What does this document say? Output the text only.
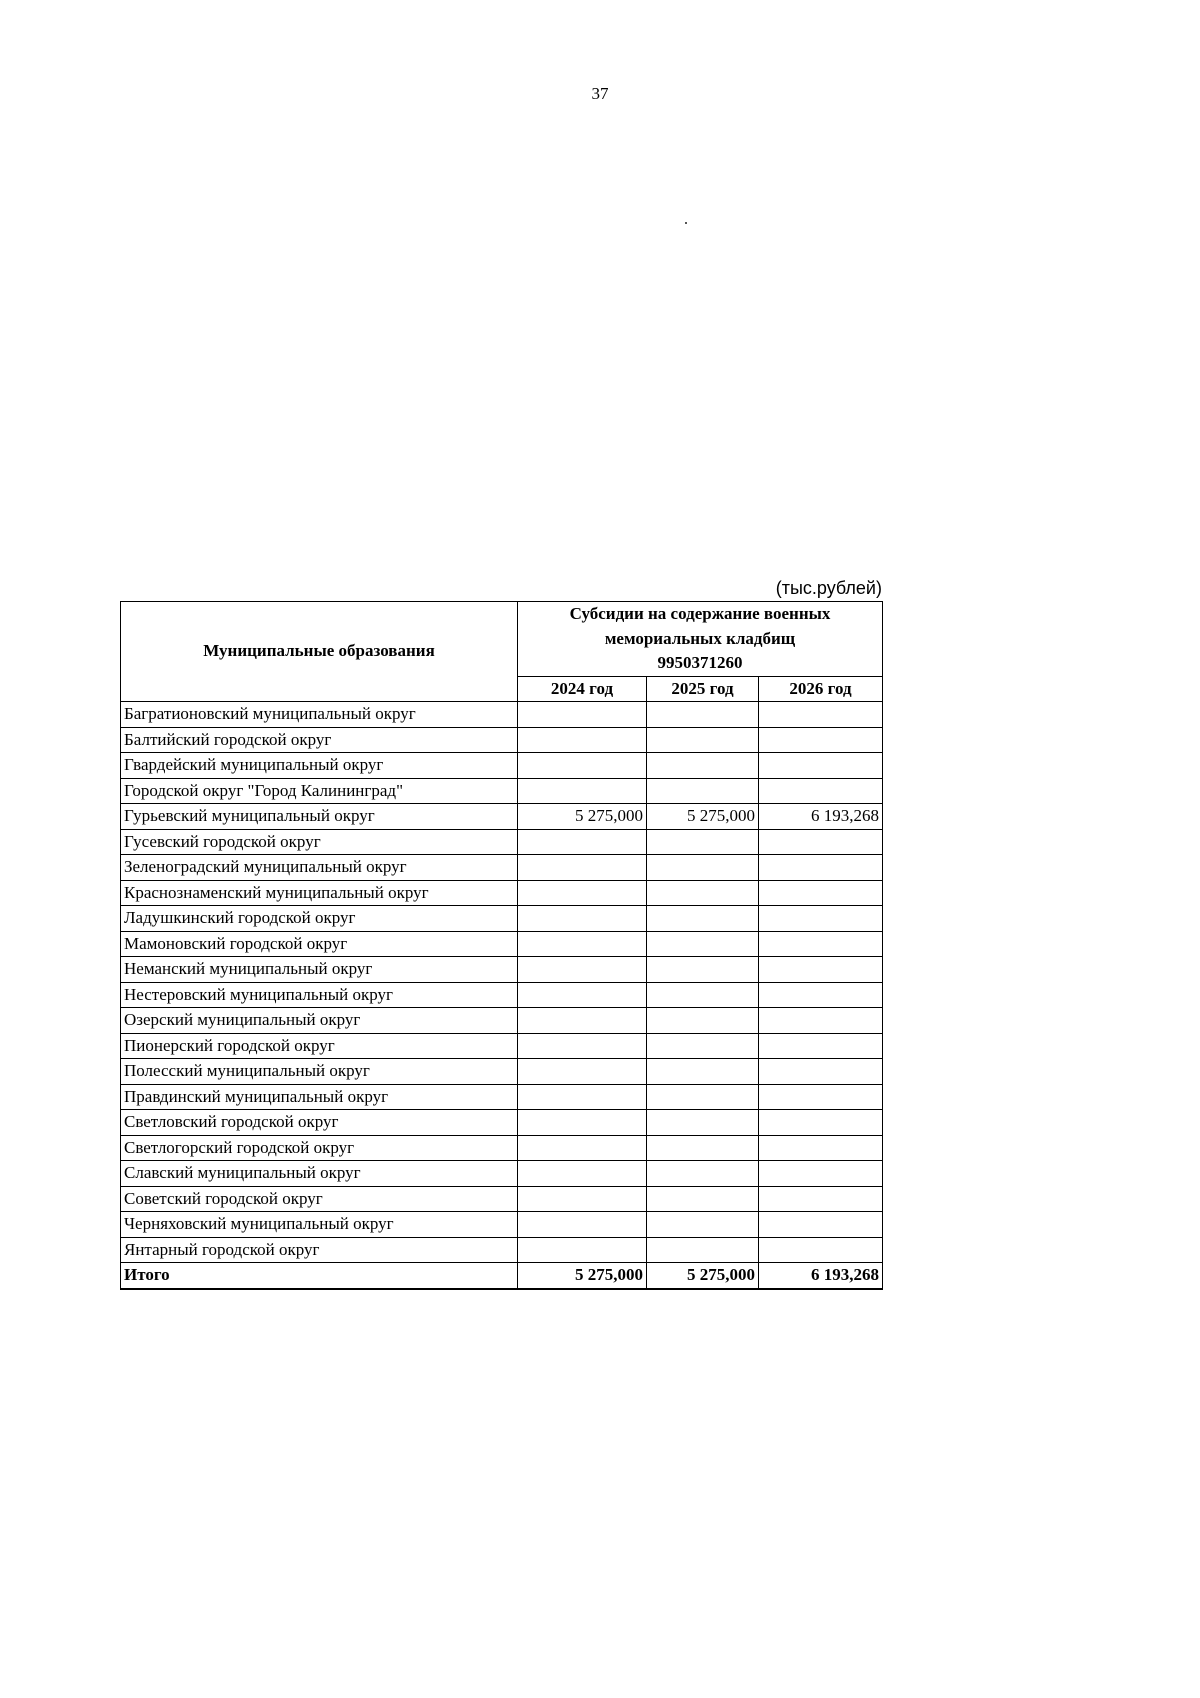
37
(тыс.рублей)
Муниципальные образования	Субсидии на содержание военных
мемориальных кладбищ
9950371260		

	2024 год	2025 год	2026 год
Багратионовский муниципальный округ			
Балтийский городской округ			
Гвардейский муниципальный округ			
Городской округ "Город Калининград"			
Гурьевский муниципальный округ	5 275,000	5 275,000	6 193,268
Гусевский городской округ			
Зеленоградский муниципальный округ			
Краснознаменский муниципальный округ			
Ладушкинский городской округ			
Мамоновский городской округ			
Неманский муниципальный округ			
Нестеровский муниципальный округ			
Озерский муниципальный округ			
Пионерский городской округ			
Полесский муниципальный округ			
Правдинский муниципальный округ			
Светловский городской округ			
Светлогорский городской округ			
Славский муниципальный округ			
Советский городской округ			
Черняховский муниципальный округ			
Янтарный городской округ			
Итого	5 275,000	5 275,000	6 193,268
